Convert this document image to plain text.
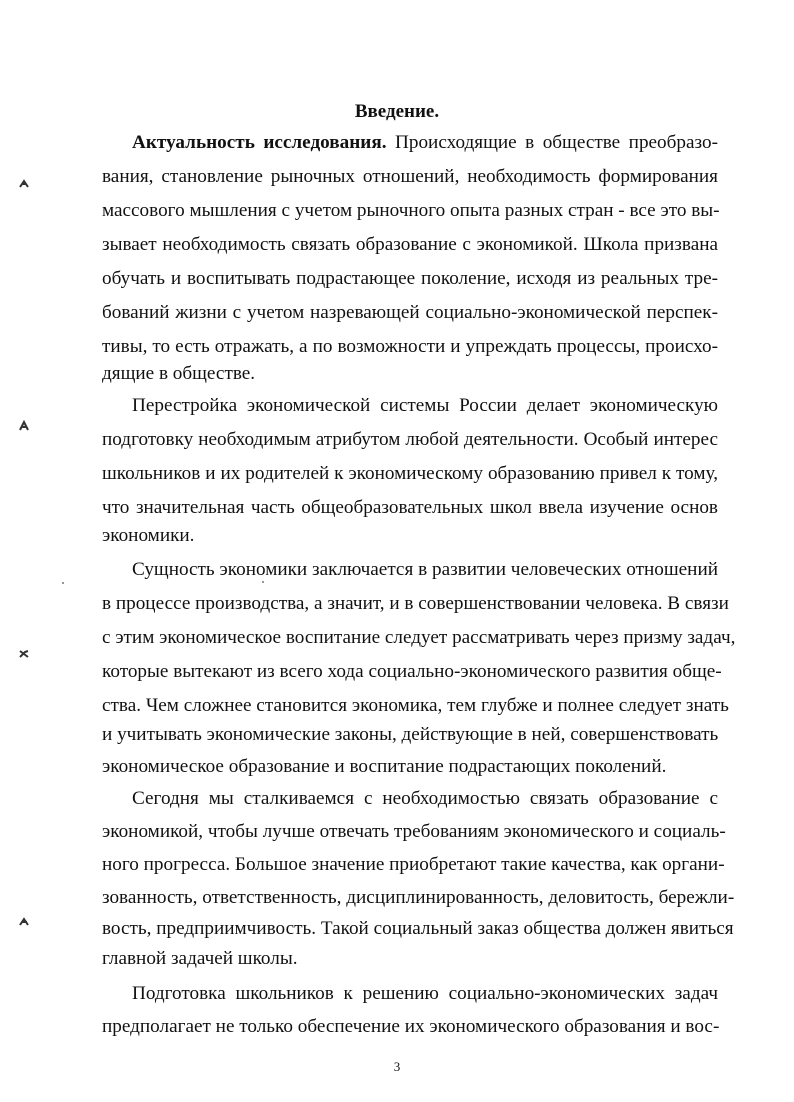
Введение.
Актуальность исследования. Происходящие в обществе преобразо-
вания, становление рыночных отношений, необходимость формирования
массового мышления с учетом рыночного опыта разных стран - все это вы-
зывает необходимость связать образование с экономикой. Школа призвана
обучать и воспитывать подрастающее поколение, исходя из реальных тре-
бований жизни с учетом назревающей социально-экономической перспек-
тивы, то есть отражать, а по возможности и упреждать процессы, происхо-
дящие в обществе.
Перестройка экономической системы России делает экономическую
подготовку необходимым атрибутом любой деятельности. Особый интерес
школьников и их родителей к экономическому образованию привел к тому,
что значительная часть общеобразовательных школ ввела изучение основ
экономики.
Сущность экономики заключается в развитии человеческих отношений
в процессе производства, а значит, и в совершенствовании человека. В связи
с этим экономическое воспитание следует рассматривать через призму задач,
которые вытекают из всего хода социально-экономического развития обще-
ства. Чем сложнее становится экономика, тем глубже и полнее следует знать
и учитывать экономические законы, действующие в ней, совершенствовать
экономическое образование и воспитание подрастающих поколений.
Сегодня мы сталкиваемся с необходимостью связать образование с
экономикой, чтобы лучше отвечать требованиям экономического и социаль-
ного прогресса. Большое значение приобретают такие качества, как органи-
зованность, ответственность, дисциплинированность, деловитость, бережли-
вость, предприимчивость. Такой социальный заказ общества должен явиться
главной задачей школы.
Подготовка школьников к решению социально-экономических задач
предполагает не только обеспечение их экономического образования и вос-
3
